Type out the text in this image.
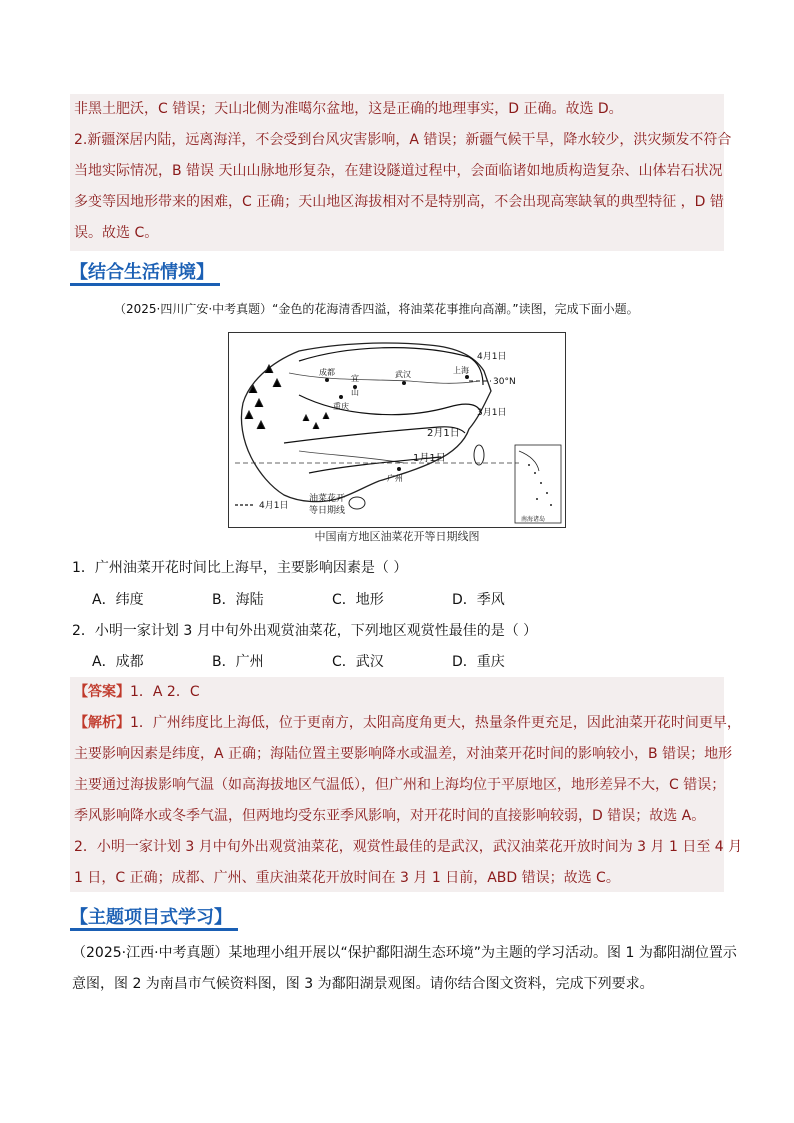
非黑土肥沃，C 错误；天山北侧为准噶尔盆地，这是正确的地理事实，D 正确。故选 D。
2.新疆深居内陆，远离海洋，不会受到台风灾害影响，A 错误；新疆气候干旱，降水较少，洪灾频发不符合
当地实际情况，B 错误 天山山脉地形复杂，在建设隧道过程中，会面临诸如地质构造复杂、山体岩石状况
多变等因地形带来的困难，C 正确；天山地区海拔相对不是特别高，不会出现高寒缺氧的典型特征 ，D 错
误。故选 C。
【结合生活情境】
（2025·四川广安·中考真题）“金色的花海清香四溢，将油菜花事推向高潮。”读图，完成下面小题。
4月1日
30°N
3月1日
2月1日
1月1日
成都
宜
山
武汉	上海
重庆
广州
4月1日
油菜花开
等日期线
南海诸岛
中国南方地区油菜花开等日期线图
1．广州油菜开花时间比上海早，主要影响因素是（ ）
A．纬度	B．海陆	C．地形	D．季风
2．小明一家计划 3 月中旬外出观赏油菜花，下列地区观赏性最佳的是（ ）
A．成都	B．广州	C．武汉	D．重庆
【答案】1．A 2．C
【解析】1．广州纬度比上海低，位于更南方，太阳高度角更大，热量条件更充足，因此油菜开花时间更早，
主要影响因素是纬度，A 正确；海陆位置主要影响降水或温差，对油菜开花时间的影响较小，B 错误；地形
主要通过海拔影响气温（如高海拔地区气温低），但广州和上海均位于平原地区，地形差异不大，C 错误；
季风影响降水或冬季气温，但两地均受东亚季风影响，对开花时间的直接影响较弱，D 错误；故选 A。
2．小明一家计划 3 月中旬外出观赏油菜花，观赏性最佳的是武汉，武汉油菜花开放时间为 3 月 1 日至 4 月
1 日，C 正确；成都、广州、重庆油菜花开放时间在 3 月 1 日前，ABD 错误；故选 C。
【主题项目式学习】
（2025·江西·中考真题）某地理小组开展以“保护鄱阳湖生态环境”为主题的学习活动。图 1 为鄱阳湖位置示
意图，图 2 为南昌市气候资料图，图 3 为鄱阳湖景观图。请你结合图文资料，完成下列要求。
